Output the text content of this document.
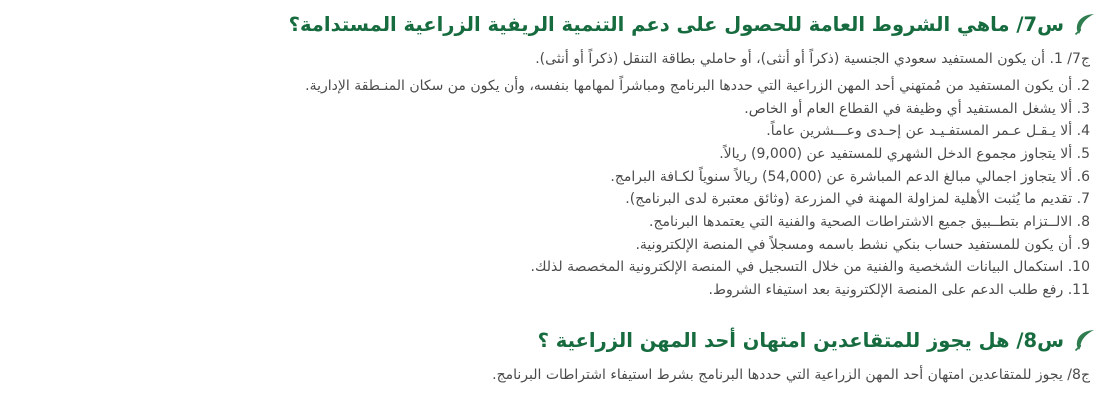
س7/ ماهي الشروط العامة للحصول على دعم التنمية الريفية الزراعية المستدامة؟
ج7/ 1. أن يكون المستفيد سعودي الجنسية (ذكراً أو أنثى)، أو حاملي بطاقة التنقل (ذكراً أو أنثى).
2. أن يكون المستفيد من مُمتهني أحد المهن الزراعية التي حددها البرنامج ومباشراً لمهامها بنفسه، وأن يكون من سكان المنـطقة الإدارية.
3. ألا يشغل المستفيد أي وظيفة في القطاع العام أو الخاص.
4. ألا يـقـل عـمر المستفـيـد عن إحـدى وعـــشرين عاماً.
5. ألا يتجاوز مجموع الدخل الشهري للمستفيد عن (9,000) ريالاً.
6. ألا يتجاوز اجمالي مبالغ الدعم المباشرة عن (54,000) ريالاً سنوياً لكـافة البرامج.
7. تقديم ما يُثبت الأهلية لمزاولة المهنة في المزرعة (وثائق معتبرة لدى البرنامج).
8. الالــتزام بتطــبيق جميع الاشتراطات الصحية والفنية التي يعتمدها البرنامج.
9. أن يكون للمستفيد حساب بنكي نشط باسمه ومسجلاً في المنصة الإلكترونية.
10. استكمال البيانات الشخصية والفنية من خلال التسجيل في المنصة الإلكترونية المخصصة لذلك.
11. رفع طلب الدعم على المنصة الإلكترونية بعد استيفاء الشروط.
س8/ هل يجوز للمتقاعدين امتهان أحد المهن الزراعية ؟
ج8/ يجوز للمتقاعدين امتهان أحد المهن الزراعية التي حددها البرنامج بشرط استيفاء اشتراطات البرنامج.
